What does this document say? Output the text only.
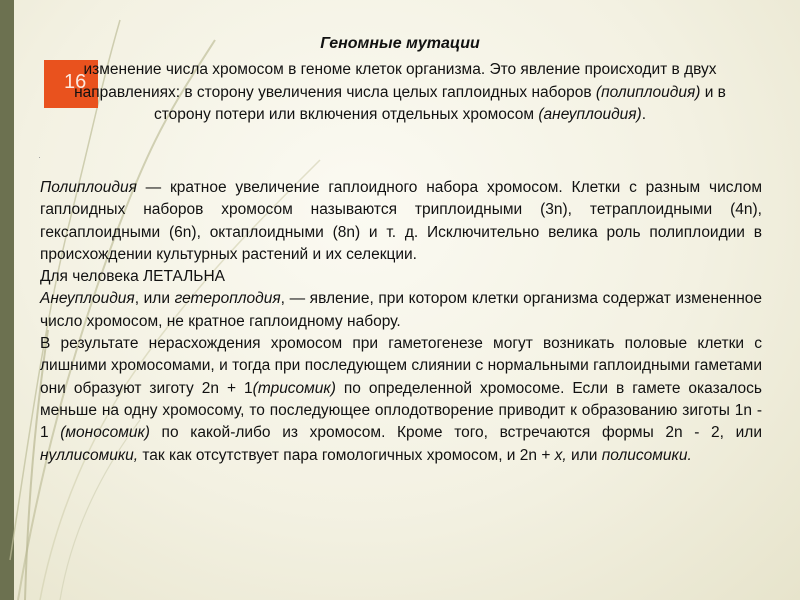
16
Геномные мутации
изменение числа хромосом в геноме клеток организма. Это явление происходит в двух направлениях: в сторону увеличения числа целых гаплоидных наборов (полиплоидия) и в сторону потери или включения отдельных хромосом (анеуплоидия).
·

Полиплоидия — кратное увеличение гаплоидного набора хромосом. Клетки с разным числом гаплоидных наборов хромосом называются триплоидными (3n), тетраплоидными (4n), гексаплоидными (6n), октаплоидными (8n) и т. д. Исключительно велика роль полиплоидии в происхождении культурных растений и их селекции.

Для человека ЛЕТАЛЬНА

Анеуплоидия, или гетероплодия, — явление, при котором клетки организма содержат измененное число хромосом, не кратное гаплоидному набору.

В результате нерасхождения хромосом при гаметогенезе могут возникать половые клетки с лишними хромосомами, и тогда при последующем слиянии с нормальными гаплоидными гаметами они образуют зиготу 2n + 1(трисомик) по определенной хромосоме. Если в гамете оказалось меньше на одну хромосому, то последующее оплодотворение приводит к образованию зиготы 1n - 1 (моносомик) по какой-либо из хромосом. Кроме того, встречаются формы 2n - 2, или нуллисомики, так как отсутствует пара гомологичных хромосом, и 2n + x, или полисомики.
